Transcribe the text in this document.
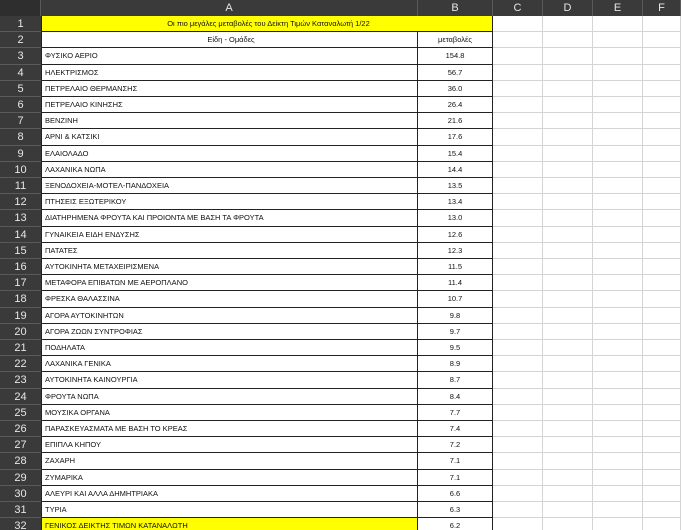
A	B	C	D	E	F
1	Οι πιο μεγάλες μεταβολές του Δείκτη Τιμών Καταναλωτή 1/22
2	Είδη - Ομάδες	μεταβολές
3	ΦΥΣΙΚΟ ΑΕΡΙΟ	154.8
4	ΗΛΕΚΤΡΙΣΜΟΣ	56.7
5	ΠΕΤΡΕΛΑΙΟ ΘΕΡΜΑΝΣΗΣ	36.0
6	ΠΕΤΡΕΛΑΙΟ ΚΙΝΗΣΗΣ	26.4
7	ΒΕΝΖΙΝΗ	21.6
8	ΑΡΝΙ & ΚΑΤΣΙΚΙ	17.6
9	ΕΛΑΙΟΛΑΔΟ	15.4
10	ΛΑΧΑΝΙΚΑ ΝΩΠΑ	14.4
11	ΞΕΝΟΔΟΧΕΙΑ-ΜΟΤΕΛ-ΠΑΝΔΟΧΕΙΑ	13.5
12	ΠΤΗΣΕΙΣ ΕΞΩΤΕΡΙΚΟΥ	13.4
13	ΔΙΑΤΗΡΗΜΕΝΑ ΦΡΟΥΤΑ ΚΑΙ ΠΡΟΙΟΝΤΑ ΜΕ ΒΑΣΗ ΤΑ ΦΡΟΥΤΑ	13.0
14	ΓΥΝΑΙΚΕΙΑ ΕΙΔΗ ΕΝΔΥΣΗΣ	12.6
15	ΠΑΤΑΤΕΣ	12.3
16	ΑΥΤΟΚΙΝΗΤΑ ΜΕΤΑΧΕΙΡΙΣΜΕΝΑ	11.5
17	ΜΕΤΑΦΟΡΑ ΕΠΙΒΑΤΩΝ ΜΕ ΑΕΡΟΠΛΑΝΟ	11.4
18	ΦΡΕΣΚΑ ΘΑΛΑΣΣΙΝΑ	10.7
19	ΑΓΟΡΑ ΑΥΤΟΚΙΝΗΤΩΝ	9.8
20	ΑΓΟΡΑ ΖΩΩΝ ΣΥΝΤΡΟΦΙΑΣ	9.7
21	ΠΟΔΗΛΑΤΑ	9.5
22	ΛΑΧΑΝΙΚΑ ΓΕΝΙΚΑ	8.9
23	ΑΥΤΟΚΙΝΗΤΑ ΚΑΙΝΟΥΡΓΙΑ	8.7
24	ΦΡΟΥΤΑ ΝΩΠΑ	8.4
25	ΜΟΥΣΙΚΑ ΟΡΓΑΝΑ	7.7
26	ΠΑΡΑΣΚΕΥΑΣΜΑΤΑ ΜΕ ΒΑΣΗ ΤΟ ΚΡΕΑΣ	7.4
27	ΕΠΙΠΛΑ ΚΗΠΟΥ	7.2
28	ΖΑΧΑΡΗ	7.1
29	ΖΥΜΑΡΙΚΑ	7.1
30	ΑΛΕΥΡΙ ΚΑΙ ΑΛΛΑ ΔΗΜΗΤΡΙΑΚΑ	6.6
31	ΤΥΡΙΑ	6.3
32	ΓΕΝΙΚΟΣ ΔΕΙΚΤΗΣ ΤΙΜΩΝ ΚΑΤΑΝΑΛΩΤΗ	6.2
